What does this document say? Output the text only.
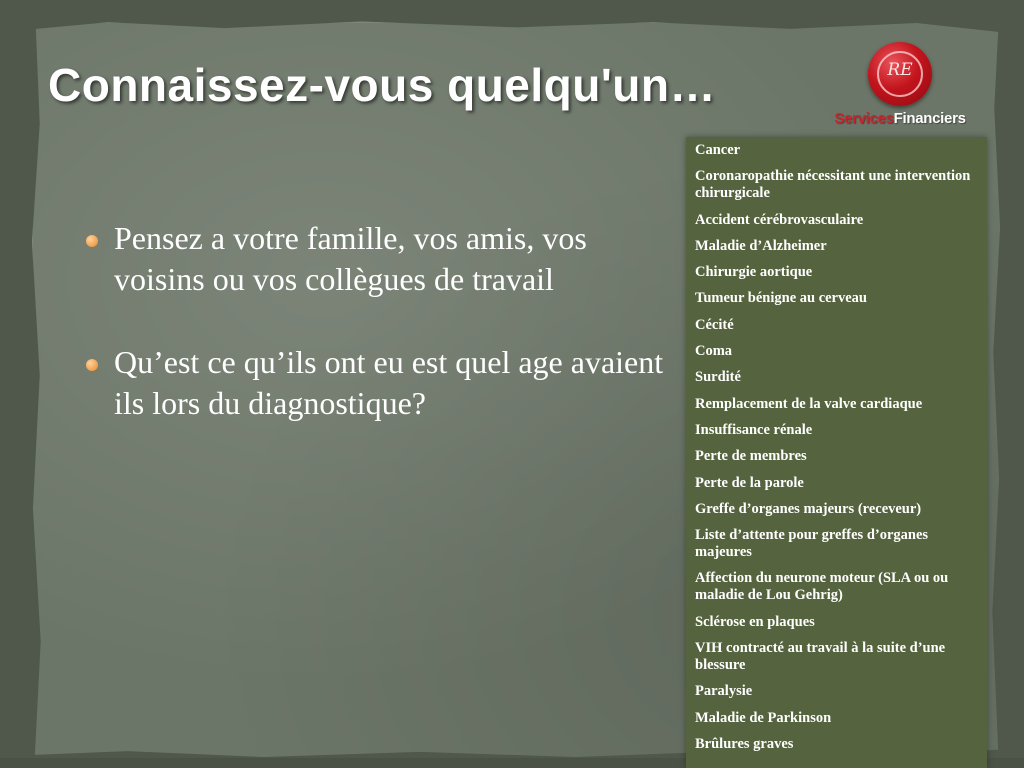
Connaissez-vous quelqu'un…	RE
ServicesFinanciers
Pensez a votre famille, vos amis, vos voisins ou vos collègues de travail
Qu’est ce qu’ils ont eu est quel age avaient ils lors du diagnostique?
Cancer
Coronaropathie nécessitant une intervention chirurgicale
Accident cérébrovasculaire
Maladie d’Alzheimer
Chirurgie aortique
Tumeur bénigne au cerveau
Cécité
Coma
Surdité
Remplacement de la valve cardiaque
Insuffisance rénale
Perte de membres
Perte de la parole
Greffe d’organes majeurs (receveur)
Liste d’attente pour greffes d’organes majeures
Affection du neurone moteur (SLA ou ou maladie de Lou Gehrig)
Sclérose en plaques
VIH contracté au travail à la suite d’une blessure
Paralysie
Maladie de Parkinson
Brûlures graves
